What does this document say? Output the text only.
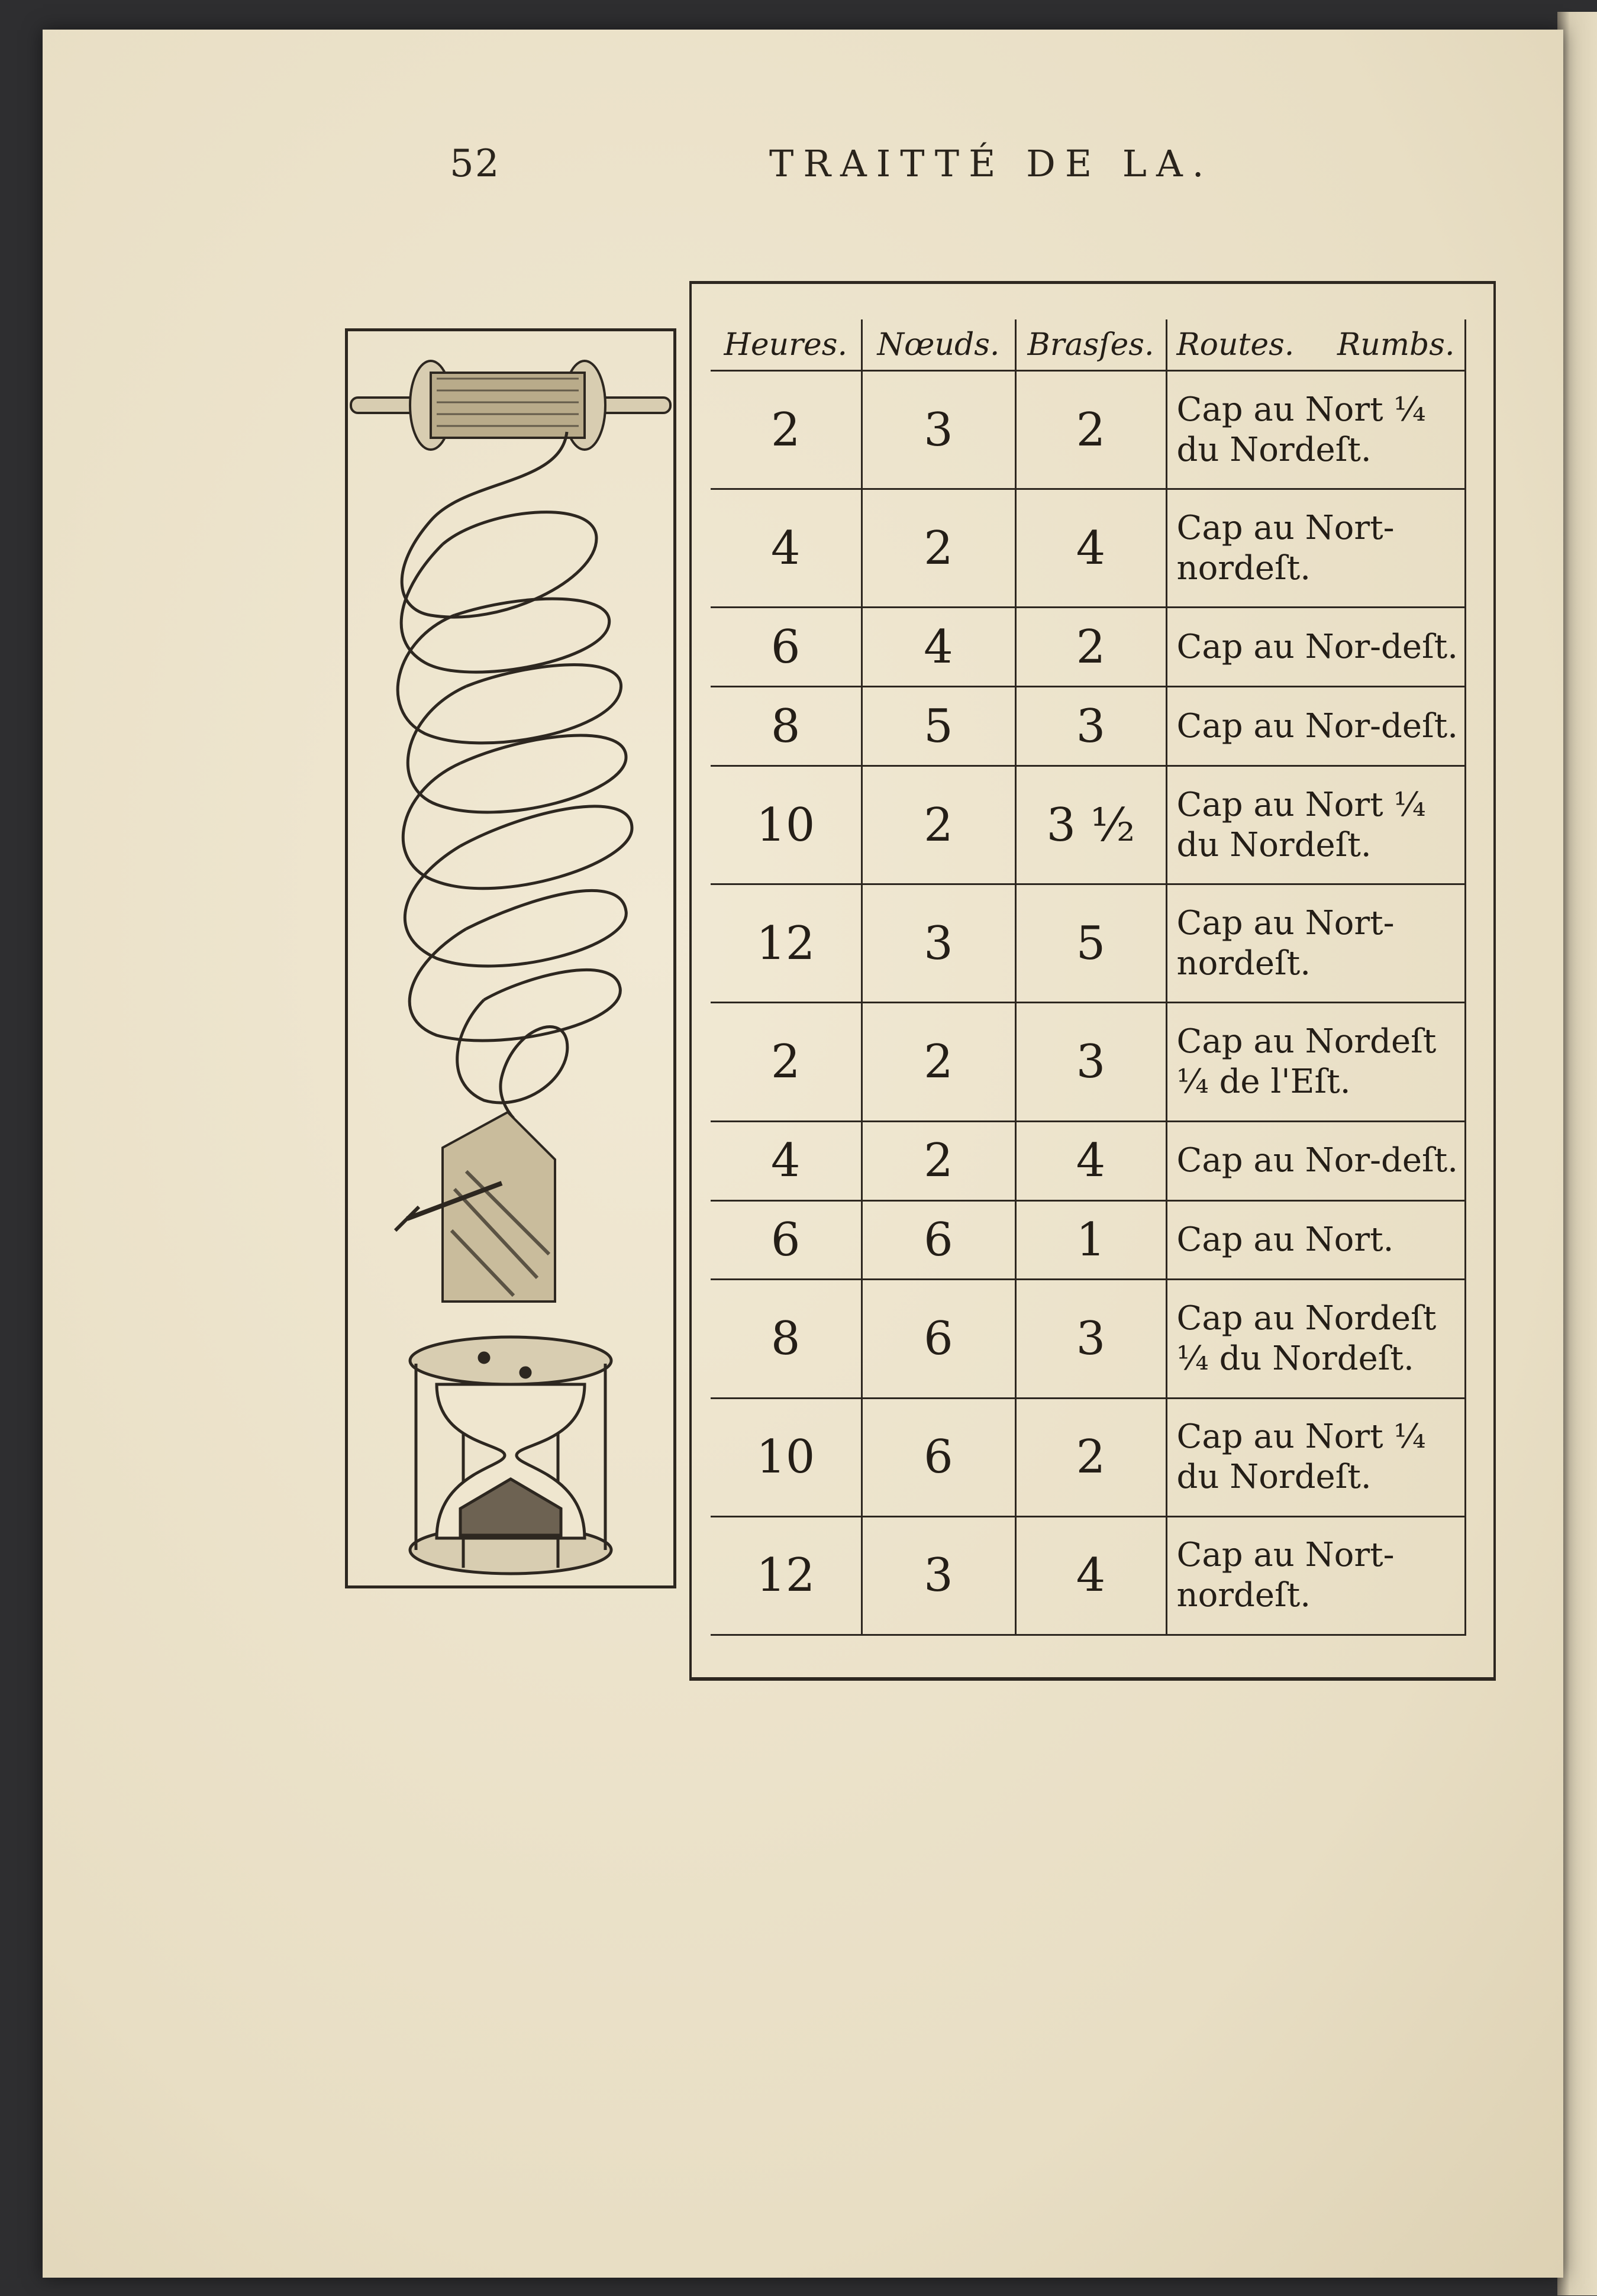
52	TRAITTÉ DE LA.
Heures.	Nœuds.	Brasſes.	Routes. Rumbs.

2	3	2	Cap au Nort ¼ du Nordeſt.
4	2	4	Cap au Nort-nordeſt.
6	4	2	Cap au Nor-deſt.
8	5	3	Cap au Nor-deſt.
10	2	3 ½	Cap au Nort ¼ du Nordeſt.
12	3	5	Cap au Nort-nordeſt.
2	2	3	Cap au Nordeſt ¼ de l'Eſt.
4	2	4	Cap au Nor-deſt.
6	6	1	Cap au Nort.
8	6	3	Cap au Nordeſt ¼ du Nordeſt.
10	6	2	Cap au Nort ¼ du Nordeſt.
12	3	4	Cap au Nort-nordeſt.
